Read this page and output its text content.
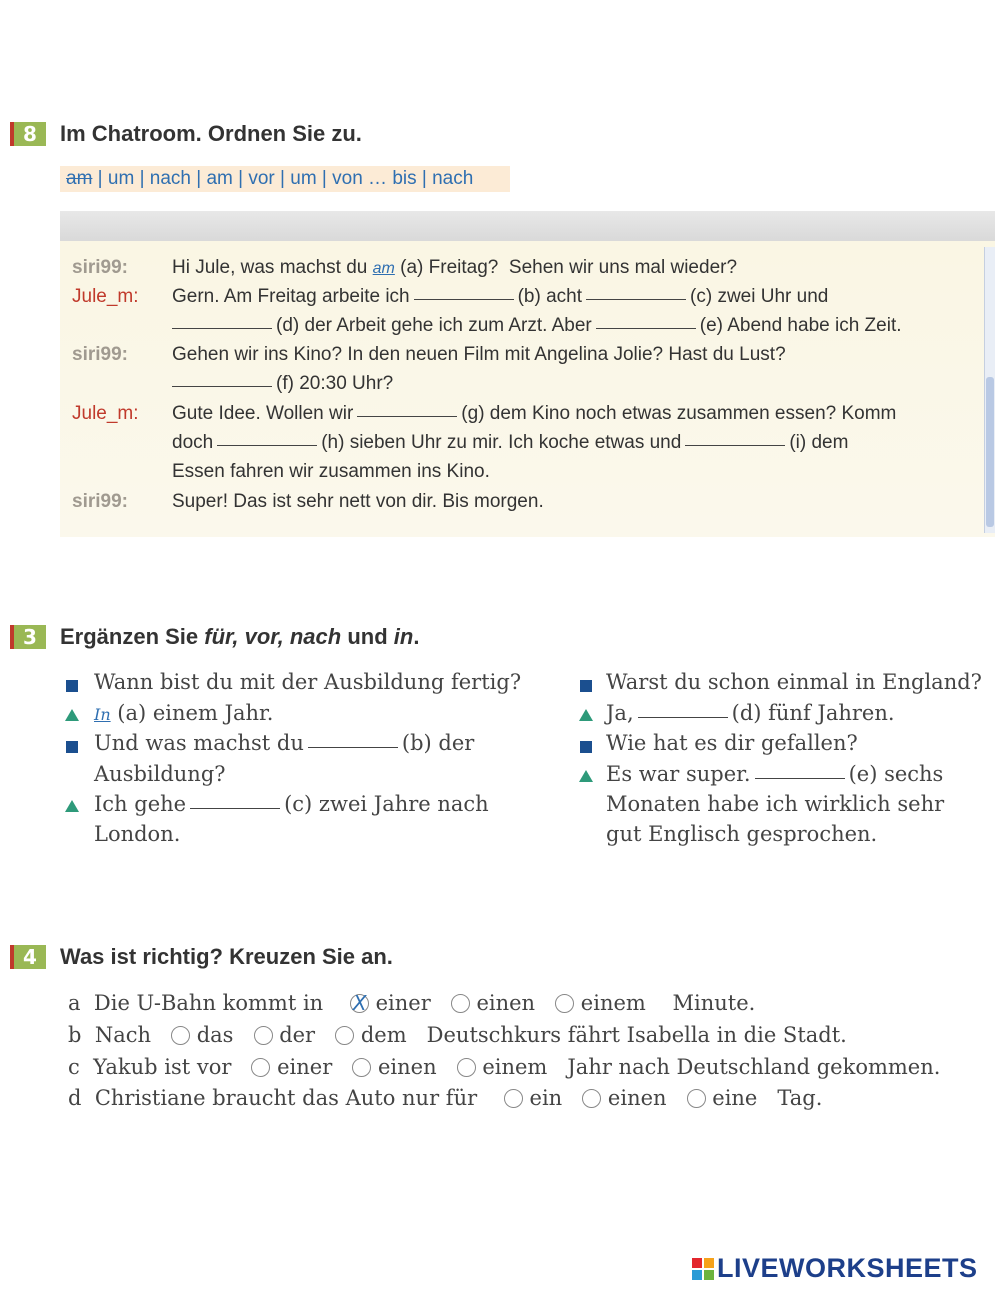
8	Im Chatroom. Ordnen Sie zu.
am | um | nach | am | vor | um | von … bis | nach
siri99: Hi Jule, was machst du am (a) Freitag?  Sehen wir uns mal wieder?
Jule_m: Gern. Am Freitag arbeite ich	(b) acht	(c) zwei Uhr und
(d) der Arbeit gehe ich zum Arzt. Aber	(e) Abend habe ich Zeit.
siri99: Gehen wir ins Kino? In den neuen Film mit Angelina Jolie? Hast du Lust?
(f) 20:30 Uhr?
Jule_m: Gute Idee. Wollen wir	(g) dem Kino noch etwas zusammen essen? Komm
doch	(h) sieben Uhr zu mir. Ich koche etwas und	(i) dem
Essen fahren wir zusammen ins Kino.
siri99: Super! Das ist sehr nett von dir. Bis morgen.
3	Ergänzen Sie für, vor, nach und in.
Wann bist du mit der Ausbildung fertig?
In (a) einem Jahr.
Und was machst du	(b) der
Ausbildung?
Ich gehe	(c) zwei Jahre nach
London.
Warst du schon einmal in England?
Ja,	(d) fünf Jahren.
Wie hat es dir gefallen?
Es war super.	(e) sechs
Monaten habe ich wirklich sehr
gut Englisch gesprochen.
4	Was ist richtig? Kreuzen Sie an.
a Die U-Bahn kommt in    X einer einen einem Minute.
b Nach das der dem Deutschkurs fährt Isabella in die Stadt.
c Yakub ist vor einer einen einem Jahr nach Deutschland gekommen.
d Christiane braucht das Auto nur für ein einen eine Tag.
LIVEWORKSHEETS
